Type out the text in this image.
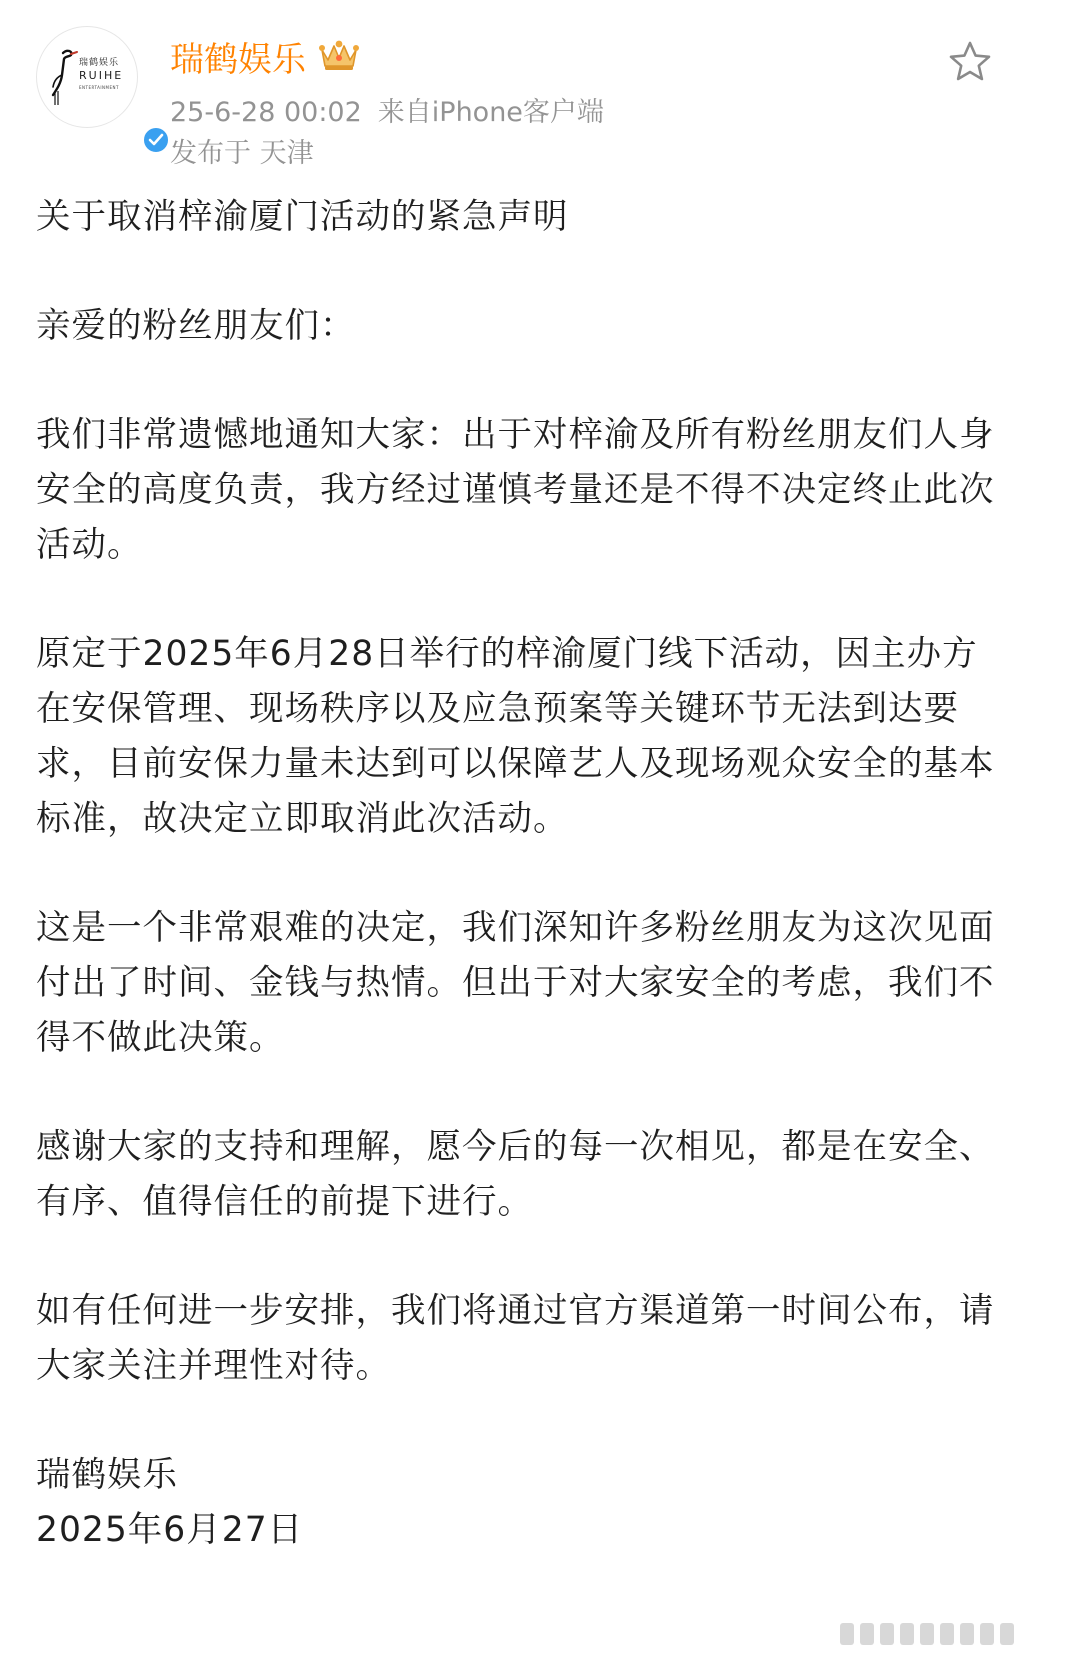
瑞鹤娱乐
RUIHE
ENTERTAINMENT
瑞鹤娱乐
25-6-28 00:02 来自iPhone客户端
发布于 天津

关于取消梓渝厦门活动的紧急声明

亲爱的粉丝朋友们：

我们非常遗憾地通知大家：出于对梓渝及所有粉丝朋友们人身安全的高度负责，我方经过谨慎考量还是不得不决定终止此次活动。

原定于2025年6月28日举行的梓渝厦门线下活动，因主办方在安保管理、现场秩序以及应急预案等关键环节无法到达要求，目前安保力量未达到可以保障艺人及现场观众安全的基本标准，故决定立即取消此次活动。

这是一个非常艰难的决定，我们深知许多粉丝朋友为这次见面付出了时间、金钱与热情。但出于对大家安全的考虑，我们不得不做此决策。

感谢大家的支持和理解，愿今后的每一次相见，都是在安全、有序、值得信任的前提下进行。

如有任何进一步安排，我们将通过官方渠道第一时间公布，请大家关注并理性对待。

瑞鹤娱乐

2025年6月27日
